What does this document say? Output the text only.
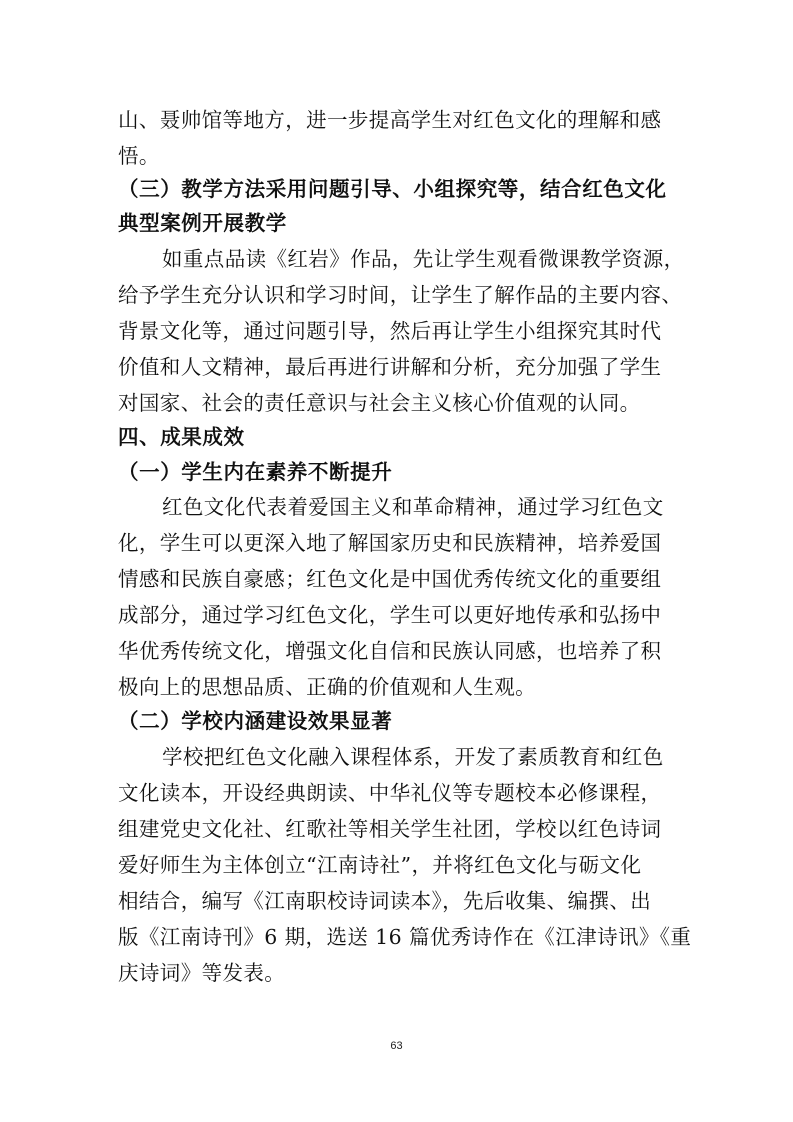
山、聂帅馆等地方，进一步提高学生对红色文化的理解和感
悟。
（三）教学方法采用问题引导、小组探究等，结合红色文化
典型案例开展教学
如重点品读《红岩》作品，先让学生观看微课教学资源，
给予学生充分认识和学习时间，让学生了解作品的主要内容、
背景文化等，通过问题引导，然后再让学生小组探究其时代
价值和人文精神，最后再进行讲解和分析，充分加强了学生
对国家、社会的责任意识与社会主义核心价值观的认同。
四、成果成效
（一）学生内在素养不断提升
红色文化代表着爱国主义和革命精神，通过学习红色文
化，学生可以更深入地了解国家历史和民族精神，培养爱国
情感和民族自豪感；红色文化是中国优秀传统文化的重要组
成部分，通过学习红色文化，学生可以更好地传承和弘扬中
华优秀传统文化，增强文化自信和民族认同感，也培养了积
极向上的思想品质、正确的价值观和人生观。
（二）学校内涵建设效果显著
学校把红色文化融入课程体系，开发了素质教育和红色
文化读本，开设经典朗读、中华礼仪等专题校本必修课程，
组建党史文化社、红歌社等相关学生社团，学校以红色诗词
爱好师生为主体创立“江南诗社”，并将红色文化与砺文化
相结合，编写《江南职校诗词读本》，先后收集、编撰、出
版《江南诗刊》6 期，选送 16 篇优秀诗作在《江津诗讯》《重
庆诗词》等发表。
63
